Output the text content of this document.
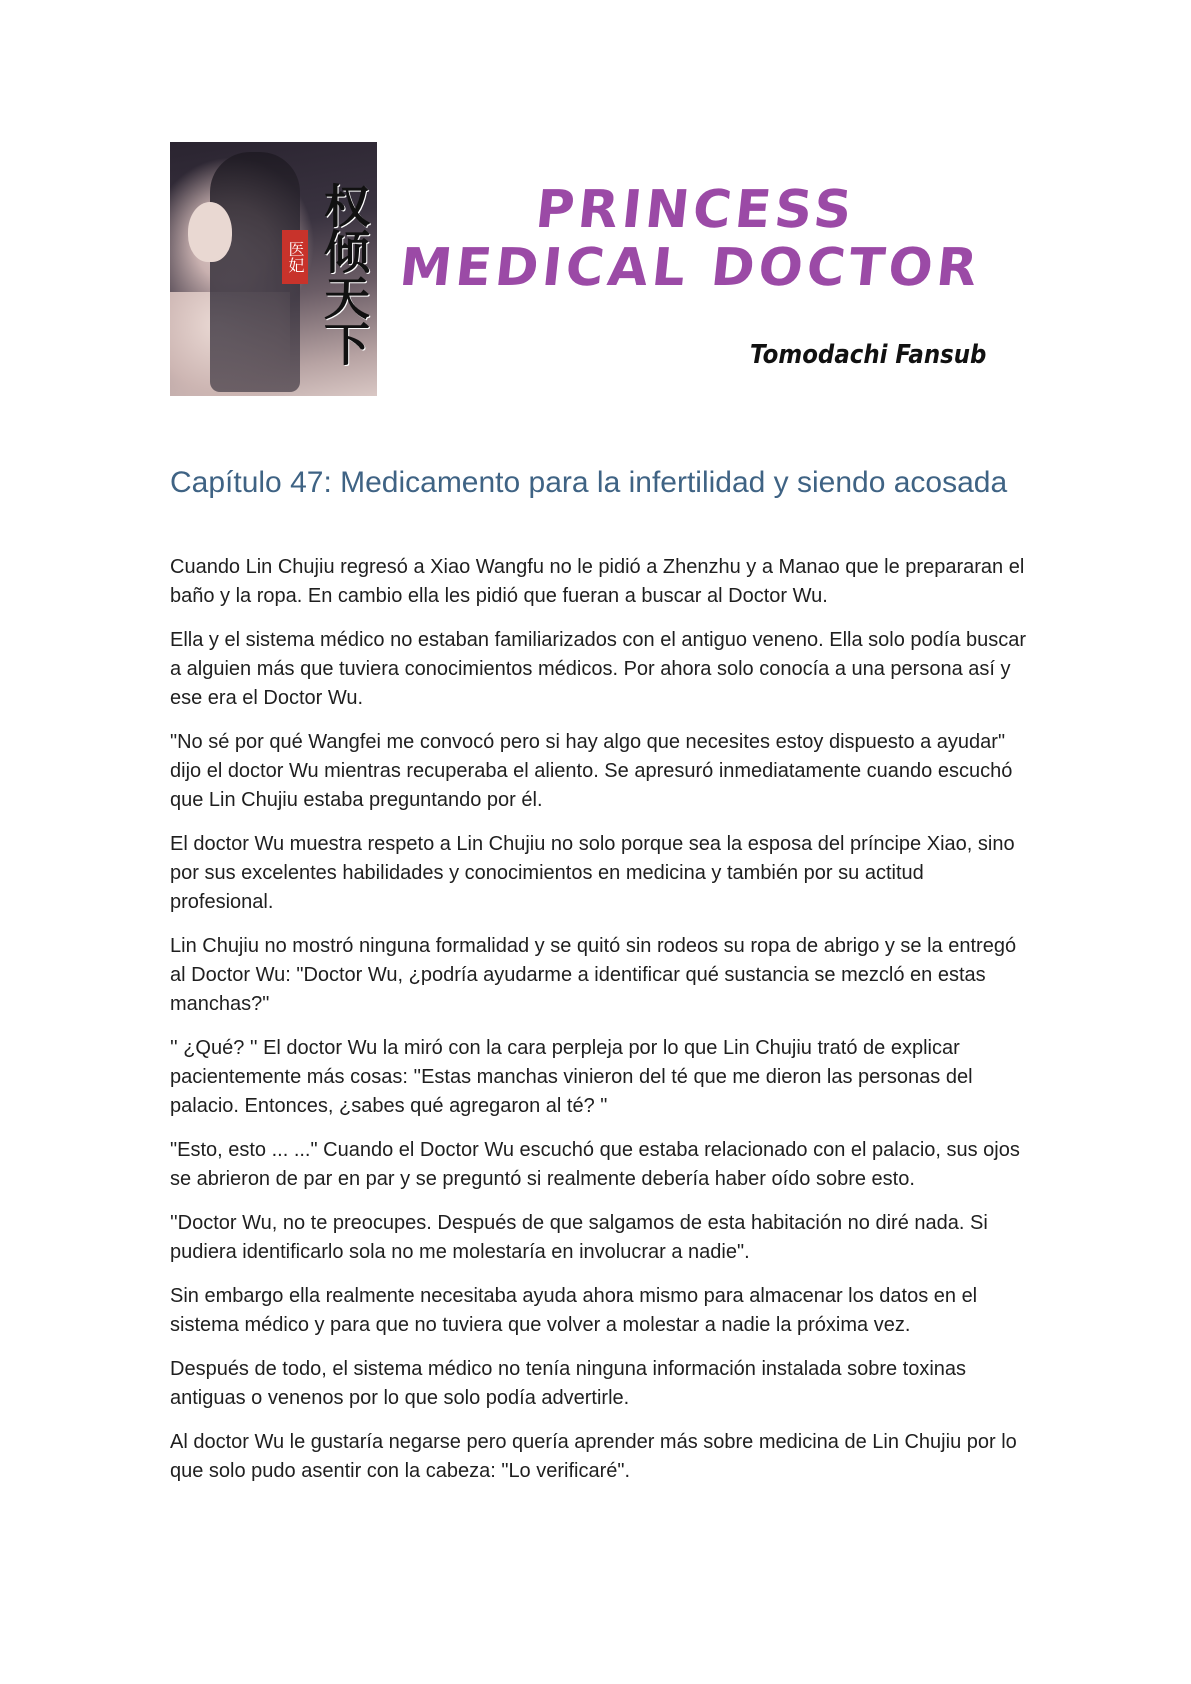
医妃 权倾天下	PRINCESS
MEDICAL DOCTOR
Tomodachi Fansub
Capítulo 47: Medicamento para la infertilidad y siendo acosada

Cuando Lin Chujiu regresó a Xiao Wangfu no le pidió a Zhenzhu y a Manao que le prepararan el baño y la ropa. En cambio ella les pidió que fueran a buscar al Doctor Wu.

Ella y el sistema médico no estaban familiarizados con el antiguo veneno. Ella solo podía buscar a alguien más que tuviera conocimientos médicos. Por ahora solo conocía a una persona así y ese era el Doctor Wu.

"No sé por qué Wangfei me convocó pero si hay algo que necesites estoy dispuesto a ayudar" dijo el doctor Wu mientras recuperaba el aliento. Se apresuró inmediatamente cuando escuchó que Lin Chujiu estaba preguntando por él.

El doctor Wu muestra respeto a Lin Chujiu no solo porque sea la esposa del príncipe Xiao, sino por sus excelentes habilidades y conocimientos en medicina y también por su actitud profesional.

Lin Chujiu no mostró ninguna formalidad y se quitó sin rodeos su ropa de abrigo y se la entregó al Doctor Wu: "Doctor Wu, ¿podría ayudarme a identificar qué sustancia se mezcló en estas manchas?"

'' ¿Qué? '' El doctor Wu la miró con la cara perpleja por lo que Lin Chujiu trató de explicar pacientemente más cosas: ''Estas manchas vinieron del té que me dieron las personas del palacio. Entonces, ¿sabes qué agregaron al té? "

"Esto, esto ... ..." Cuando el Doctor Wu escuchó que estaba relacionado con el palacio, sus ojos se abrieron de par en par y se preguntó si realmente debería haber oído sobre esto.

''Doctor Wu, no te preocupes. Después de que salgamos de esta habitación no diré nada. Si pudiera identificarlo sola no me molestaría en involucrar a nadie".

Sin embargo ella realmente necesitaba ayuda ahora mismo para almacenar los datos en el sistema médico y para que no tuviera que volver a molestar a nadie la próxima vez.

Después de todo, el sistema médico no tenía ninguna información instalada sobre toxinas antiguas o venenos por lo que solo podía advertirle.

Al doctor Wu le gustaría negarse pero quería aprender más sobre medicina de Lin Chujiu por lo que solo pudo asentir con la cabeza: "Lo verificaré".
